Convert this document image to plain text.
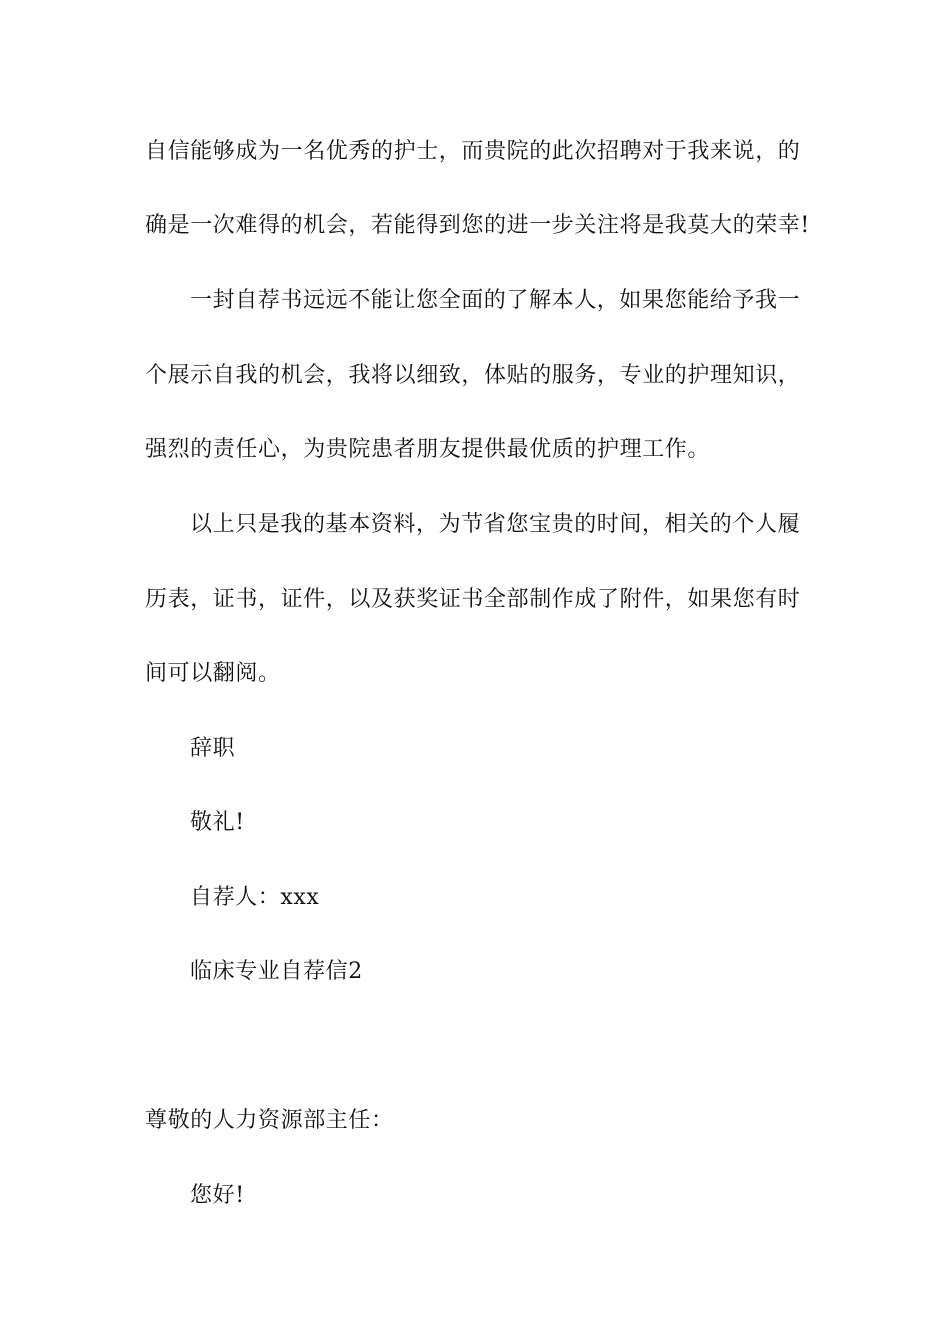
自信能够成为一名优秀的护士，而贵院的此次招聘对于我来说，的
确是一次难得的机会，若能得到您的进一步关注将是我莫大的荣幸!
一封自荐书远远不能让您全面的了解本人，如果您能给予我一
个展示自我的机会，我将以细致，体贴的服务，专业的护理知识，
强烈的责任心，为贵院患者朋友提供最优质的护理工作。
以上只是我的基本资料，为节省您宝贵的时间，相关的个人履
历表，证书，证件，以及获奖证书全部制作成了附件，如果您有时
间可以翻阅。
辞职
敬礼!
自荐人：xxx
临床专业自荐信2
尊敬的人力资源部主任：
您好!
